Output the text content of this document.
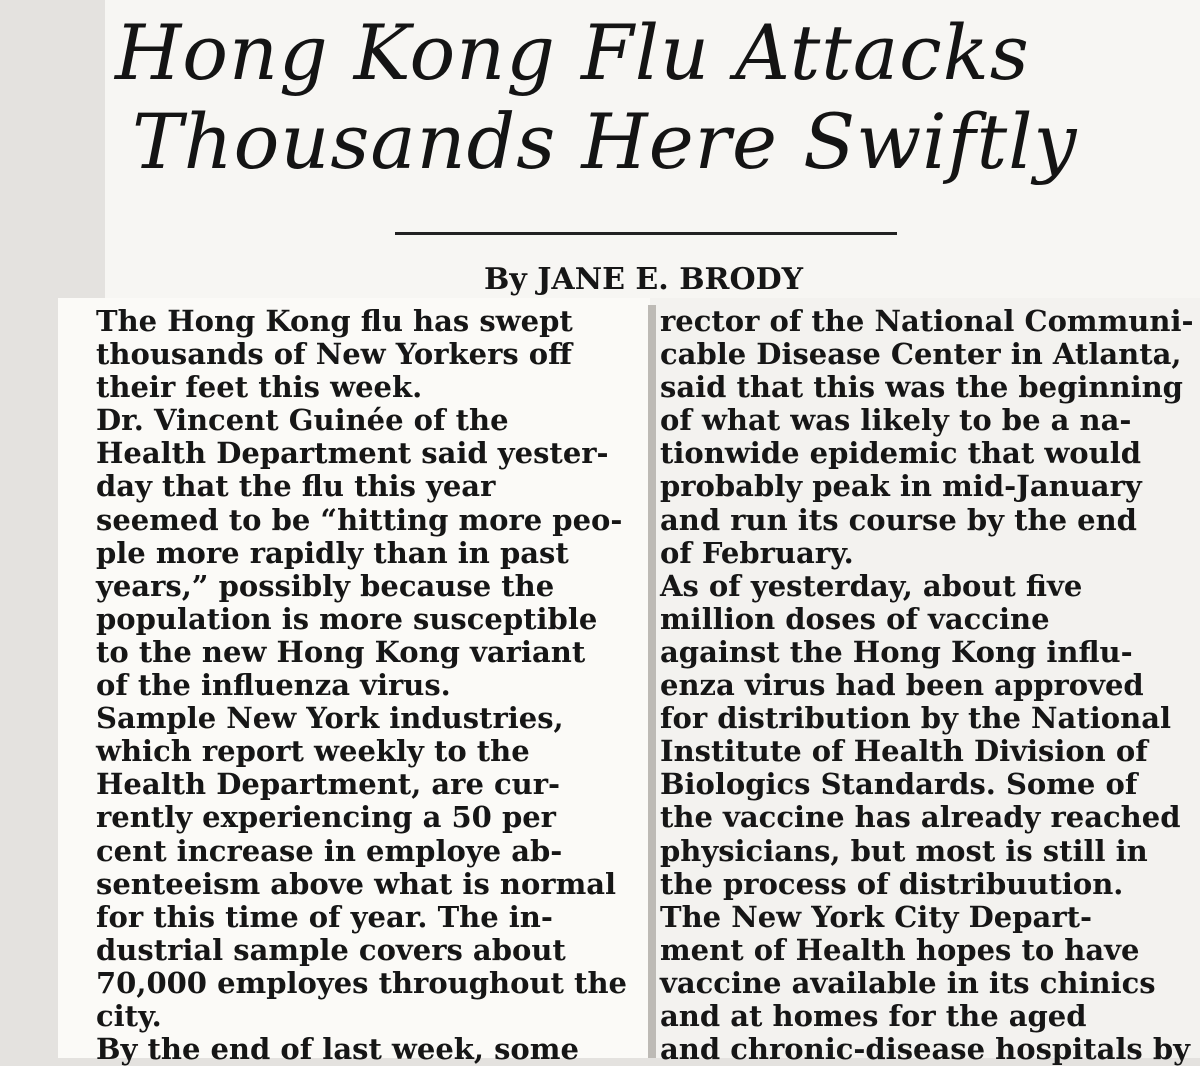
Hong Kong Flu Attacks
Thousands Here Swiftly

By JANE E. BRODY

The Hong Kong flu has swept
thousands of New Yorkers off
their feet this week.
Dr. Vincent Guinée of the
Health Department said yester-
day that the flu this year
seemed to be “hitting more peo-
ple more rapidly than in past
years,” possibly because the
population is more susceptible
to the new Hong Kong variant
of the influenza virus.
Sample New York industries,
which report weekly to the
Health Department, are cur-
rently experiencing a 50 per
cent increase in employe ab-
senteeism above what is normal
for this time of year. The in-
dustrial sample covers about
70,000 employes throughout the
city.
By the end of last week, some
rector of the National Communi-
cable Disease Center in Atlanta,
said that this was the beginning
of what was likely to be a na-
tionwide epidemic that would
probably peak in mid-January
and run its course by the end
of February.
As of yesterday, about five
million doses of vaccine
against the Hong Kong influ-
enza virus had been approved
for distribution by the National
Institute of Health Division of
Biologics Standards. Some of
the vaccine has already reached
physicians, but most is still in
the process of distribuution.
The New York City Depart-
ment of Health hopes to have
vaccine available in its chinics
and at homes for the aged
and chronic-disease hospitals by
